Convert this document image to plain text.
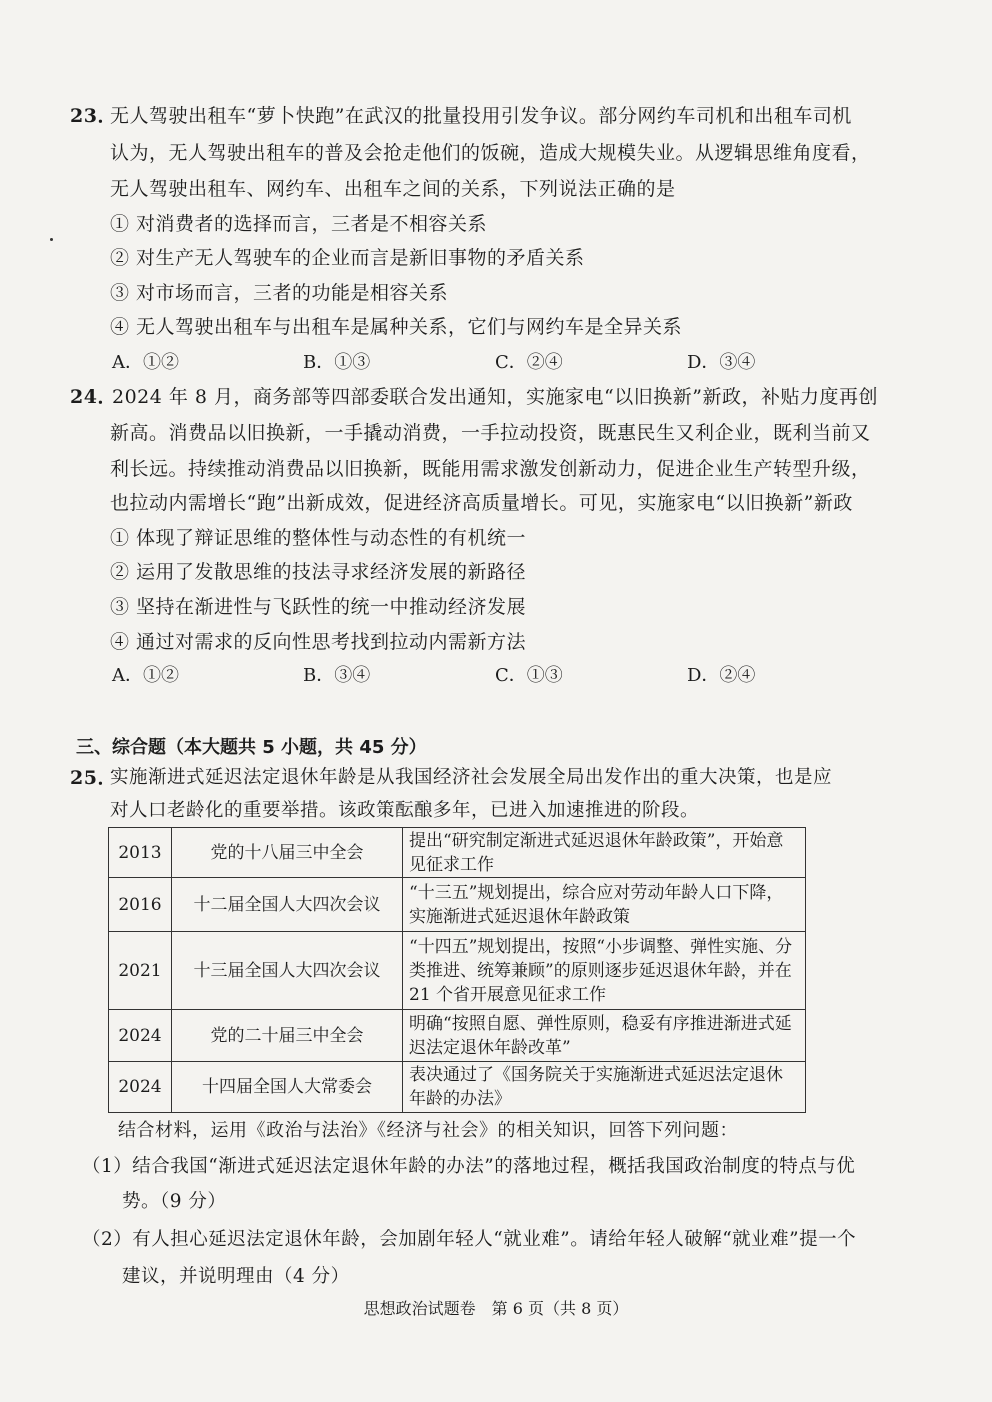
23．
无人驾驶出租车“萝卜快跑”在武汉的批量投用引发争议。部分网约车司机和出租车司机
认为，无人驾驶出租车的普及会抢走他们的饭碗，造成大规模失业。从逻辑思维角度看，
无人驾驶出租车、网约车、出租车之间的关系，下列说法正确的是
① 对消费者的选择而言，三者是不相容关系
② 对生产无人驾驶车的企业而言是新旧事物的矛盾关系
③ 对市场而言，三者的功能是相容关系
④ 无人驾驶出租车与出租车是属种关系，它们与网约车是全异关系
A．①②	B．①③	C．②④	D．③④
24．
2024 年 8 月，商务部等四部委联合发出通知，实施家电“以旧换新”新政，补贴力度再创
新高。消费品以旧换新，一手撬动消费，一手拉动投资，既惠民生又利企业，既利当前又
利长远。持续推动消费品以旧换新，既能用需求激发创新动力，促进企业生产转型升级，
也拉动内需增长“跑”出新成效，促进经济高质量增长。可见，实施家电“以旧换新”新政
① 体现了辩证思维的整体性与动态性的有机统一
② 运用了发散思维的技法寻求经济发展的新路径
③ 坚持在渐进性与飞跃性的统一中推动经济发展
④ 通过对需求的反向性思考找到拉动内需新方法
A．①②	B．③④	C．①③	D．②④
三、综合题（本大题共 5 小题，共 45 分）
25．
实施渐进式延迟法定退休年龄是从我国经济社会发展全局出发作出的重大决策，也是应
对人口老龄化的重要举措。该政策酝酿多年，已进入加速推进的阶段。
2013	党的十八届三中全会	提出“研究制定渐进式延迟退休年龄政策”，开始意见征求工作
2016	十二届全国人大四次会议	“十三五”规划提出，综合应对劳动年龄人口下降，实施渐进式延迟退休年龄政策
2021	十三届全国人大四次会议	“十四五”规划提出，按照“小步调整、弹性实施、分类推进、统筹兼顾”的原则逐步延迟退休年龄，并在 21 个省开展意见征求工作
2024	党的二十届三中全会	明确“按照自愿、弹性原则，稳妥有序推进渐进式延迟法定退休年龄改革”
2024	十四届全国人大常委会	表决通过了《国务院关于实施渐进式延迟法定退休年龄的办法》
结合材料，运用《政治与法治》《经济与社会》的相关知识，回答下列问题：
（1）结合我国“渐进式延迟法定退休年龄的办法”的落地过程，概括我国政治制度的特点与优
势。（9 分）
（2）有人担心延迟法定退休年龄，会加剧年轻人“就业难”。请给年轻人破解“就业难”提一个
建议，并说明理由（4 分）
思想政治试题卷　第 6 页（共 8 页）
